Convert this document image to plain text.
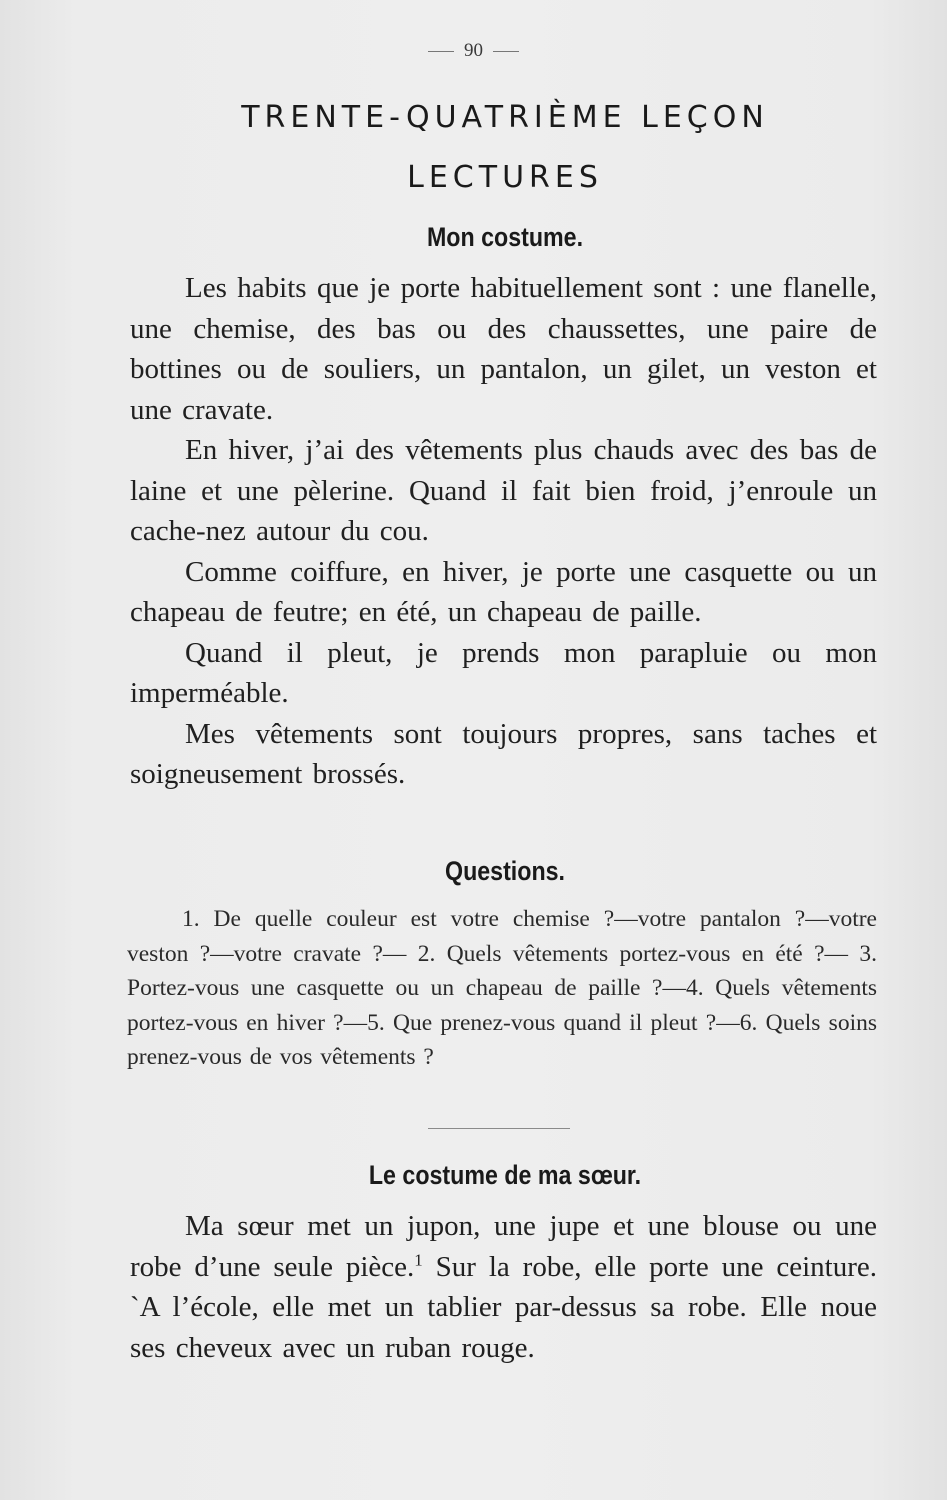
90
TRENTE-QUATRIÈME LEÇON
LECTURES
Mon costume.

Les habits que je porte habituellement sont : une flanelle, une chemise, des bas ou des chaussettes, une paire de bottines ou de souliers, un pantalon, un gilet, un veston et une cravate.

En hiver, j’ai des vêtements plus chauds avec des bas de laine et une pèlerine. Quand il fait bien froid, j’enroule un cache-nez autour du cou.

Comme coiffure, en hiver, je porte une casquette ou un chapeau de feutre; en été, un chapeau de paille.

Quand il pleut, je prends mon parapluie ou mon imperméable.

Mes vêtements sont toujours propres, sans taches et soigneusement brossés.

Questions.

1. De quelle couleur est votre chemise ?—votre pantalon ?—votre veston ?—votre cravate ?— 2. Quels vêtements portez-vous en été ?— 3. Portez-vous une casquette ou un chapeau de paille ?—4. Quels vêtements portez-vous en hiver ?—5. Que prenez-vous quand il pleut ?—6. Quels soins prenez-vous de vos vêtements ?

Le costume de ma sœur.

Ma sœur met un jupon, une jupe et une blouse ou une robe d’une seule pièce.$^1$ Sur la robe, elle porte une ceinture. `A l’école, elle met un tablier par-dessus sa robe. Elle noue ses cheveux avec un ruban rouge.
